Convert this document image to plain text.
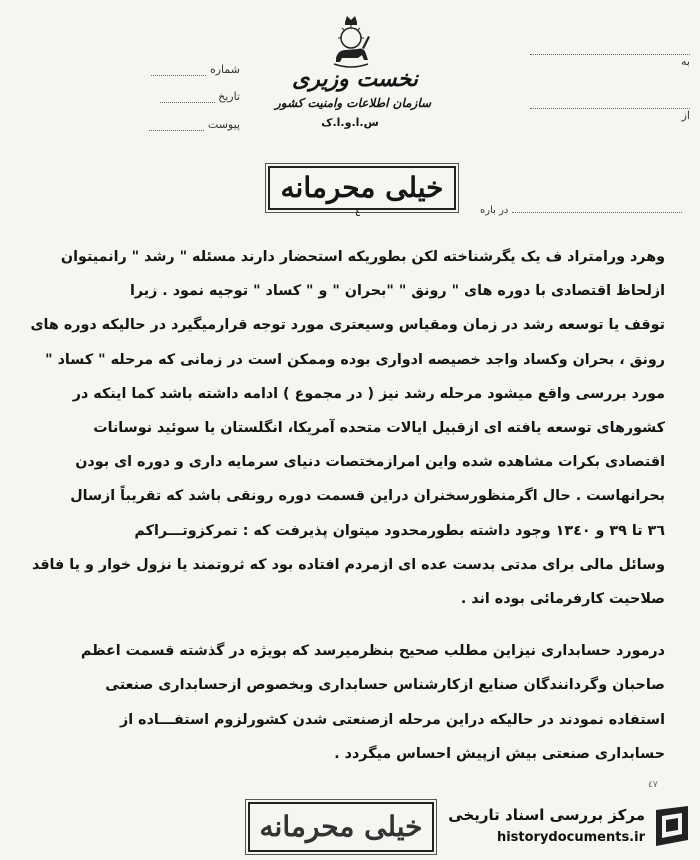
به
از
شماره
تاریخ
پیوست
نخست وزیری
سازمان اطلاعات وامنیت کشور
س.ا.و.ا.ک
خیلی محرمانه
در باره
٤

وهرد ورامتراد ف یک یگرشناخته لکن بطوریکه استحضار دارند مسئله " رشد " رانمیتوان

ازلحاظ اقتصادی با دوره های " رونق " "بحران " و " کساد " توجیه نمود . زیرا

توقف یا توسعه رشد در زمان ومقیاس وسیعتری مورد توجه قرارمیگیرد در حالیکه دوره های

رونق ، بحران وکساد واجد خصیصه ادواری بوده وممکن است در زمانی که مرحله " کساد "

مورد بررسی واقع میشود مرحله رشد نیز ( در مجموع ) ادامه داشته باشد کما اینکه در

کشورهای توسعه یافته ای ازقبیل ایالات متحده آمریکا، انگلستان یا سوئید نوسانات

اقتصادی بکرات مشاهده شده واین امرازمختصات دنیای سرمایه داری و دوره ای بودن

بحرانهاست . حال اگرمنظورسخنران دراین قسمت دوره رونقی باشد که تقریباً ازسال

٣٦ تا ٣٩ و ١٣٤٠ وجود داشته بطورمحدود میتوان پذیرفت که : تمرکزوتـــراکم

وسائل مالی برای مدتی بدست عده ای ازمردم افتاده بود که ثروتمند یا نزول خوار و یا فاقد

صلاحیت کارفرمائی بوده اند .

درمورد حسابداری نیزاین مطلب صحیح بنظرمیرسد که بویژه در گذشته قسمت اعظم

صاحبان وگردانندگان صنایع ازکارشناس حسابداری وبخصوص ازحسابداری صنعتی

استفاده نمودند در حالیکه دراین مرحله ازصنعتی شدن کشورلزوم استفـــاده از

حسابداری صنعتی بیش ازپیش احساس میگردد .

٤٧
خیلی محرمانه	مرکز بررسی اسناد تاریخی
historydocuments.ir
